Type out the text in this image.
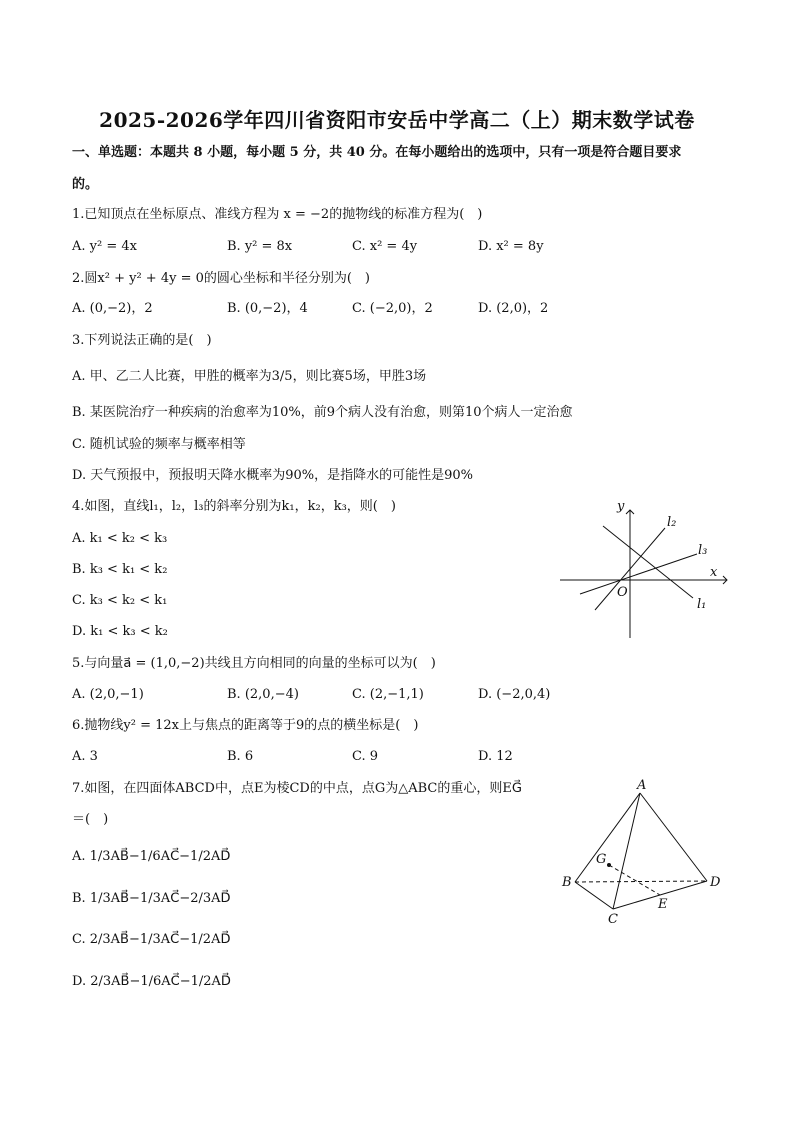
2025-2026学年四川省资阳市安岳中学高二（上）期末数学试卷
一、单选题：本题共 8 小题，每小题 5 分，共 40 分。在每小题给出的选项中，只有一项是符合题目要求
的。
1.已知顶点在坐标原点、准线方程为 x = −2的抛物线的标准方程为(　)
A. y² = 4x	B. y² = 8x	C. x² = 4y	D. x² = 8y
2.圆x² + y² + 4y = 0的圆心坐标和半径分别为(　)
A. (0,−2)，2	B. (0,−2)，4	C. (−2,0)，2	D. (2,0)，2
3.下列说法正确的是(　)
A. 甲、乙二人比赛，甲胜的概率为3/5，则比赛5场，甲胜3场
B. 某医院治疗一种疾病的治愈率为10%，前9个病人没有治愈，则第10个病人一定治愈
C. 随机试验的频率与概率相等
D. 天气预报中，预报明天降水概率为90%，是指降水的可能性是90%
4.如图，直线l₁，l₂，l₃的斜率分别为k₁，k₂，k₃，则(　)
A. k₁ < k₂ < k₃
B. k₃ < k₁ < k₂
C. k₃ < k₂ < k₁
D. k₁ < k₃ < k₂
y
x
O
l₁
l₂
l₃
5.与向量a⃗ = (1,0,−2)共线且方向相同的向量的坐标可以为(　)
A. (2,0,−1)	B. (2,0,−4)	C. (2,−1,1)	D. (−2,0,4)
6.抛物线y² = 12x上与焦点的距离等于9的点的横坐标是(　)
A. 3	B. 6	C. 9	D. 12
7.如图，在四面体ABCD中，点E为棱CD的中点，点G为△ABC的重心，则EG⃗
＝(　)
A. 1/3AB⃗−1/6AC⃗−1/2AD⃗
B. 1/3AB⃗−1/3AC⃗−2/3AD⃗
C. 2/3AB⃗−1/3AC⃗−1/2AD⃗
D. 2/3AB⃗−1/6AC⃗−1/2AD⃗
A
B
C
D
E
G
